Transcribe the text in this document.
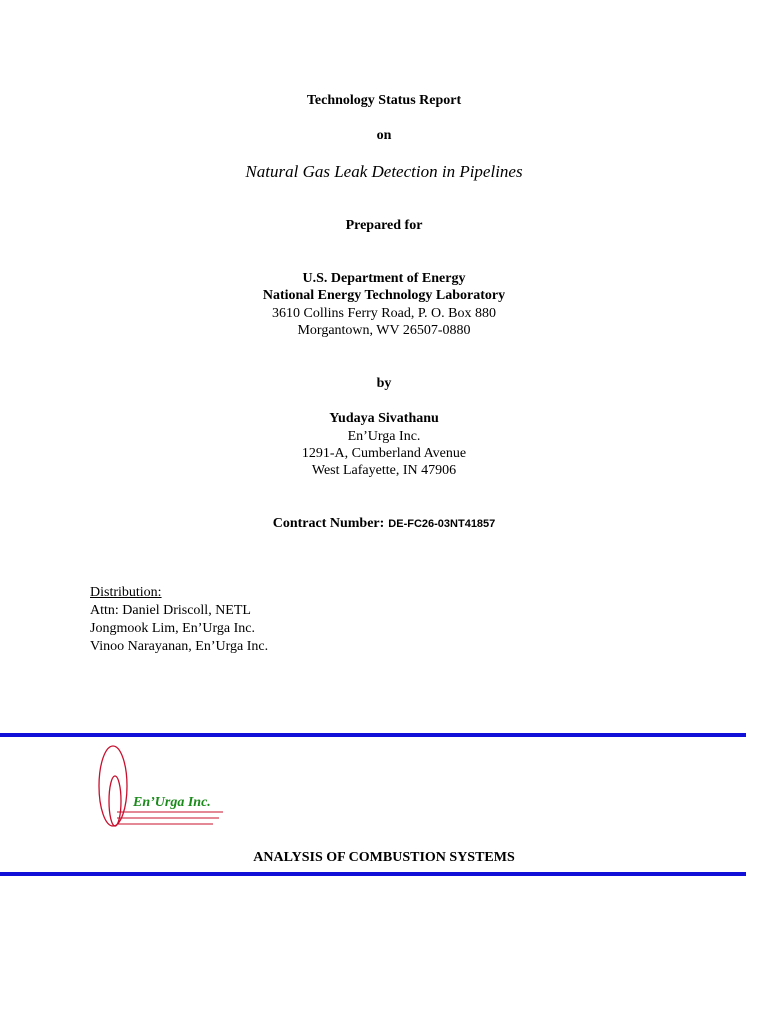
Technology Status Report
on
Natural Gas Leak Detection in Pipelines
Prepared for
U.S. Department of Energy
National Energy Technology Laboratory
3610 Collins Ferry Road, P. O. Box 880
Morgantown, WV 26507-0880
by
Yudaya Sivathanu
En’Urga Inc.
1291-A, Cumberland Avenue
West Lafayette, IN 47906
Contract Number: DE-FC26-03NT41857
Distribution:
Attn: Daniel Driscoll, NETL
Jongmook Lim, En’Urga Inc.
Vinoo Narayanan, En’Urga Inc.
En’Urga Inc.
ANALYSIS OF COMBUSTION SYSTEMS
